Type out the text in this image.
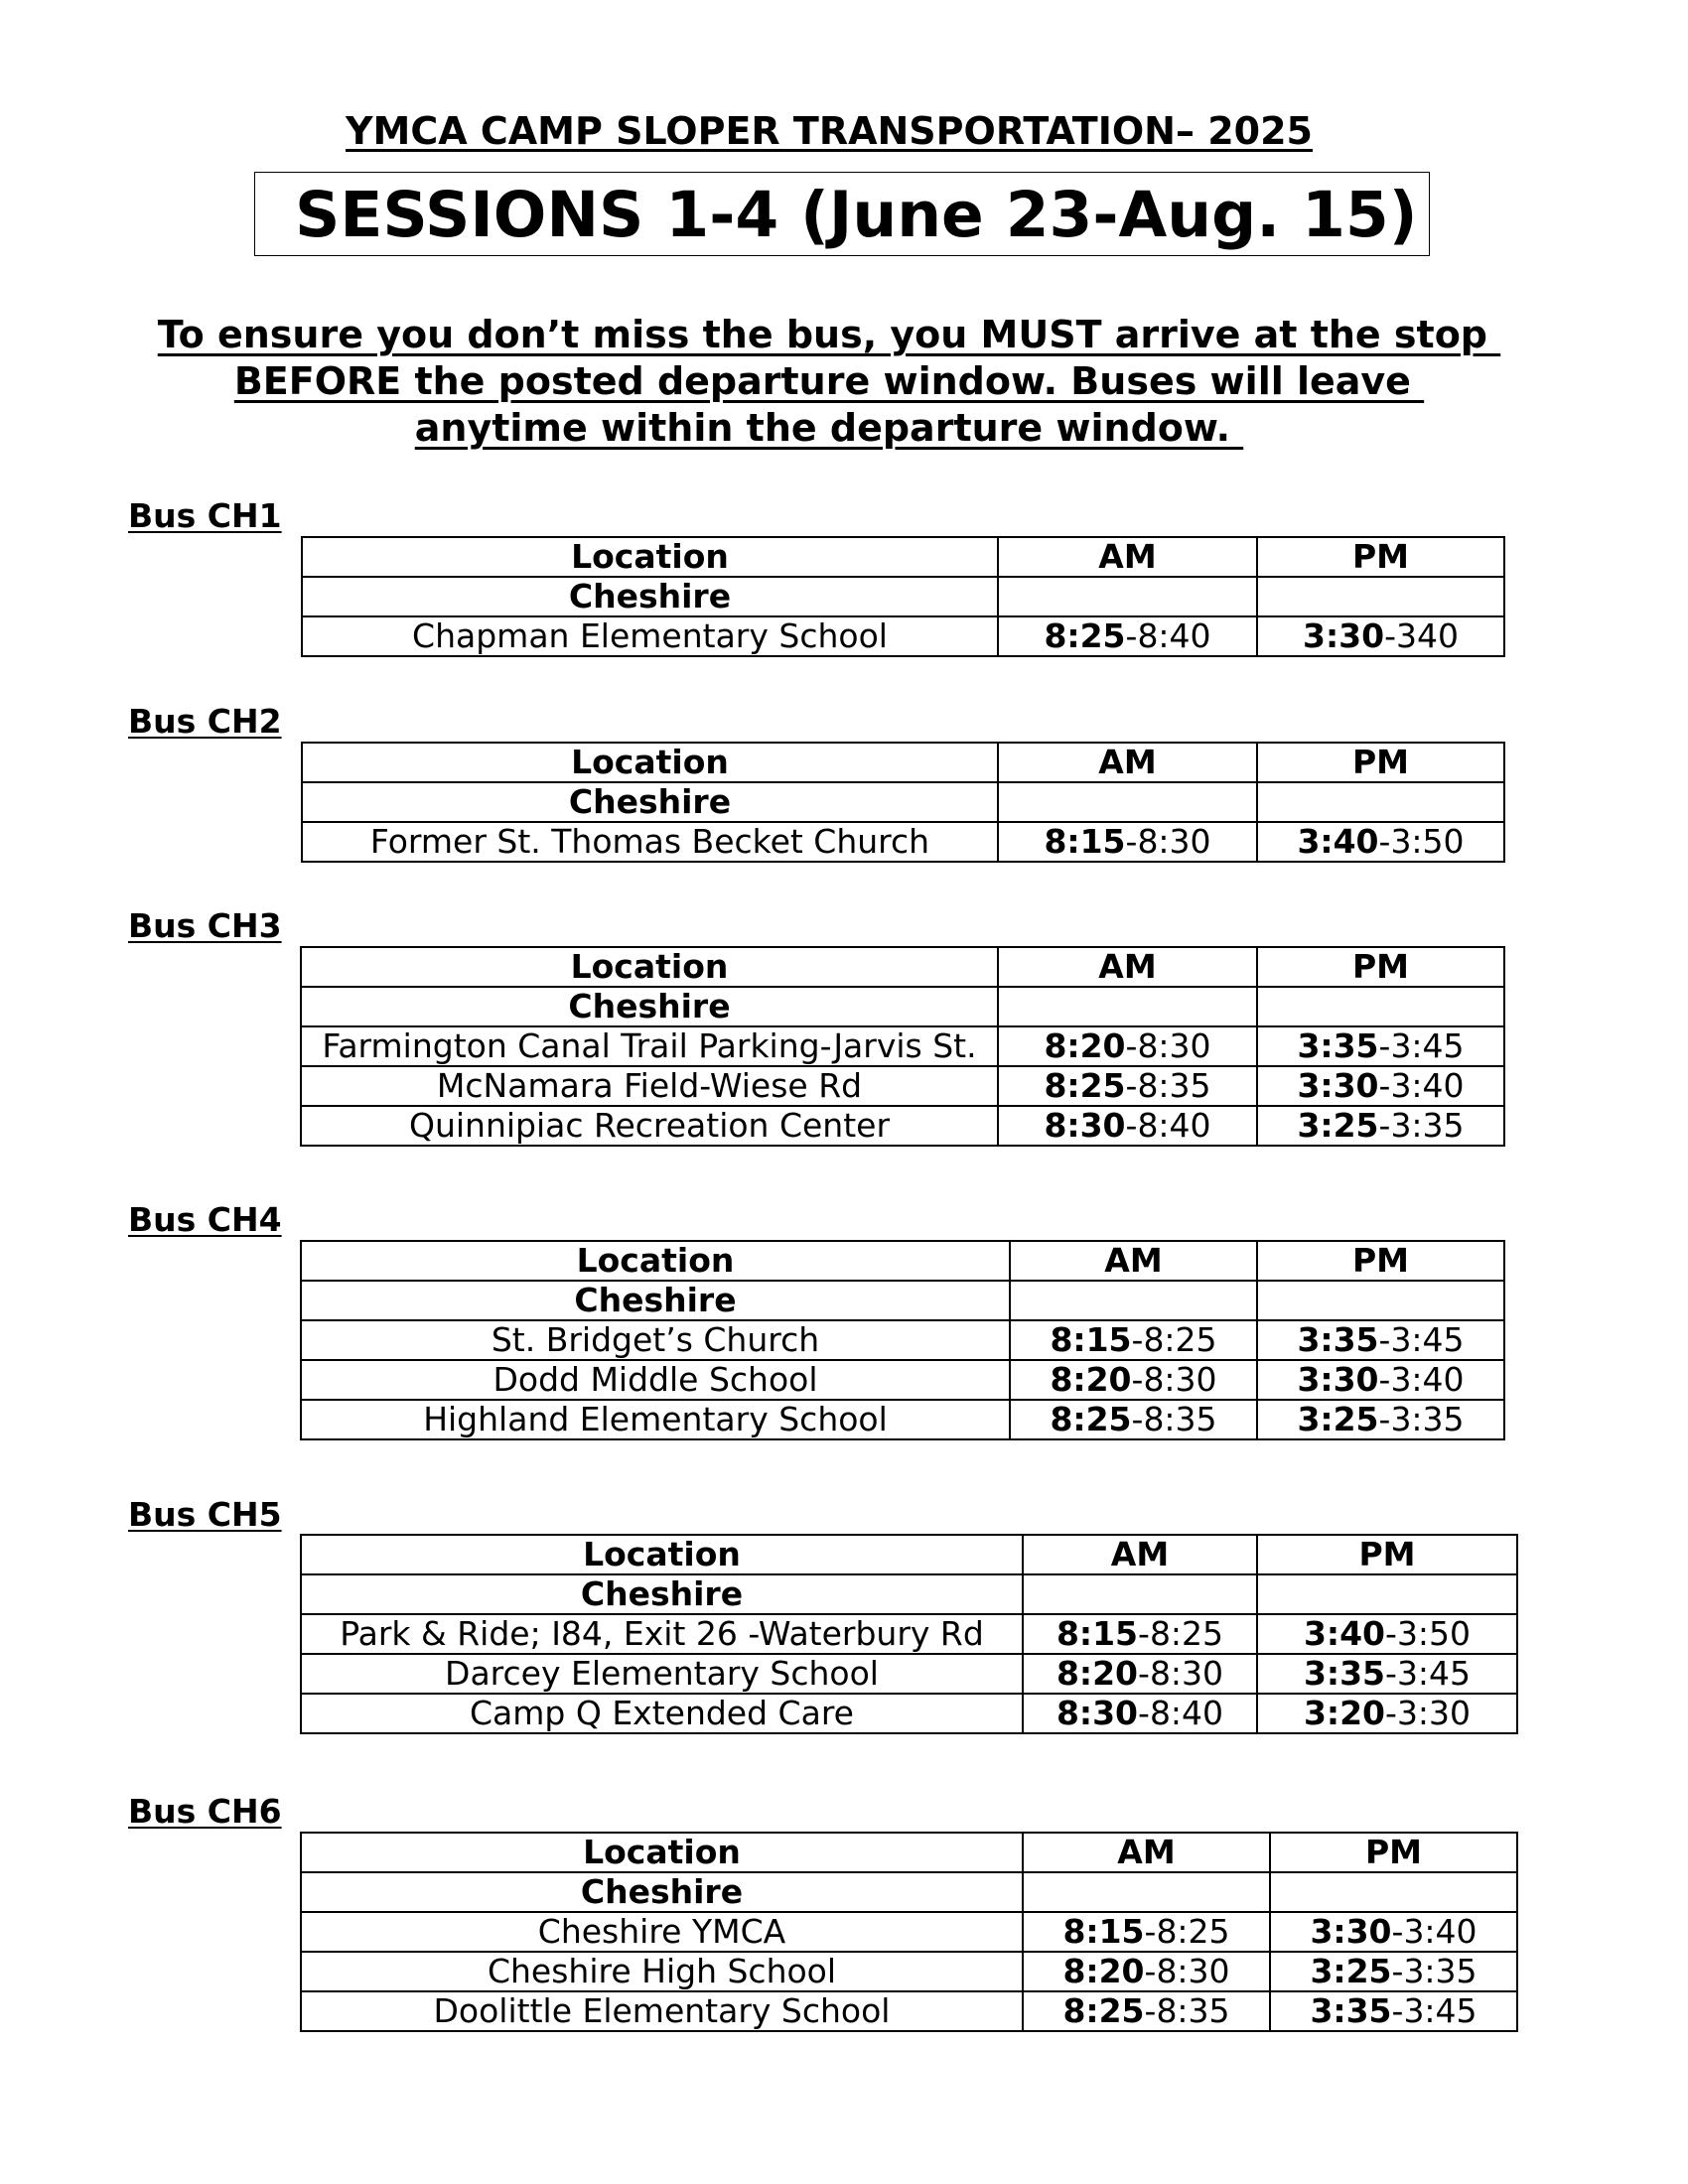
YMCA CAMP SLOPER TRANSPORTATION– 2025
SESSIONS 1-4 (June 23-Aug. 15)
To ensure you don’t miss the bus, you MUST arrive at the stop
BEFORE the posted departure window. Buses will leave
anytime within the departure window.
Bus CH1
Location	AM	PM
Cheshire		
Chapman Elementary School	8:25-8:40	3:30-340
Bus CH2
Location	AM	PM
Cheshire		
Former St. Thomas Becket Church	8:15-8:30	3:40-3:50
Bus CH3
Location	AM	PM
Cheshire		
Farmington Canal Trail Parking-Jarvis St.	8:20-8:30	3:35-3:45
McNamara Field-Wiese Rd	8:25-8:35	3:30-3:40
Quinnipiac Recreation Center	8:30-8:40	3:25-3:35
Bus CH4
Location	AM	PM
Cheshire		
St. Bridget’s Church	8:15-8:25	3:35-3:45
Dodd Middle School	8:20-8:30	3:30-3:40
Highland Elementary School	8:25-8:35	3:25-3:35
Bus CH5
Location	AM	PM
Cheshire		
Park & Ride; I84, Exit 26 -Waterbury Rd	8:15-8:25	3:40-3:50
Darcey Elementary School	8:20-8:30	3:35-3:45
Camp Q Extended Care	8:30-8:40	3:20-3:30
Bus CH6
Location	AM	PM
Cheshire		
Cheshire YMCA	8:15-8:25	3:30-3:40
Cheshire High School	8:20-8:30	3:25-3:35
Doolittle Elementary School	8:25-8:35	3:35-3:45
